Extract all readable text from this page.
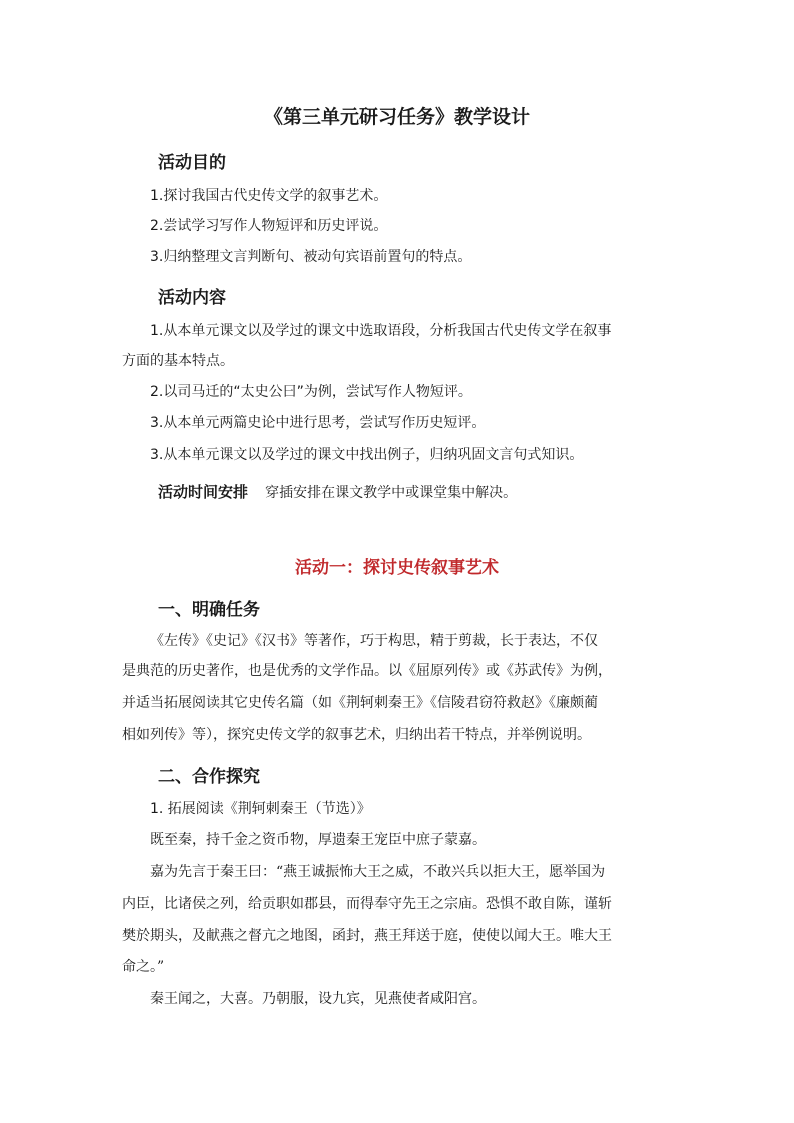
《第三单元研习任务》教学设计
活动目的
1.探讨我国古代史传文学的叙事艺术。
2.尝试学习写作人物短评和历史评说。
3.归纳整理文言判断句、被动句宾语前置句的特点。
活动内容
1.从本单元课文以及学过的课文中选取语段，分析我国古代史传文学在叙事
方面的基本特点。
2.以司马迁的“太史公曰”为例，尝试写作人物短评。
3.从本单元两篇史论中进行思考，尝试写作历史短评。
3.从本单元课文以及学过的课文中找出例子，归纳巩固文言句式知识。
活动时间安排 穿插安排在课文教学中或课堂集中解决。
活动一：探讨史传叙事艺术
一、明确任务
《左传》《史记》《汉书》等著作，巧于构思，精于剪裁，长于表达，不仅
是典范的历史著作，也是优秀的文学作品。以《屈原列传》或《苏武传》为例，
并适当拓展阅读其它史传名篇（如《荆轲刺秦王》《信陵君窃符救赵》《廉颇蔺
相如列传》等），探究史传文学的叙事艺术，归纳出若干特点，并举例说明。
二、合作探究
1. 拓展阅读《荆轲刺秦王（节选）》
既至秦，持千金之资币物，厚遗秦王宠臣中庶子蒙嘉。
嘉为先言于秦王曰：“燕王诚振怖大王之威，不敢兴兵以拒大王，愿举国为
内臣，比诸侯之列，给贡职如郡县，而得奉守先王之宗庙。恐惧不敢自陈，谨斩
樊於期头，及献燕之督亢之地图，函封，燕王拜送于庭，使使以闻大王。唯大王
命之。”
秦王闻之，大喜。乃朝服，设九宾，见燕使者咸阳宫。
